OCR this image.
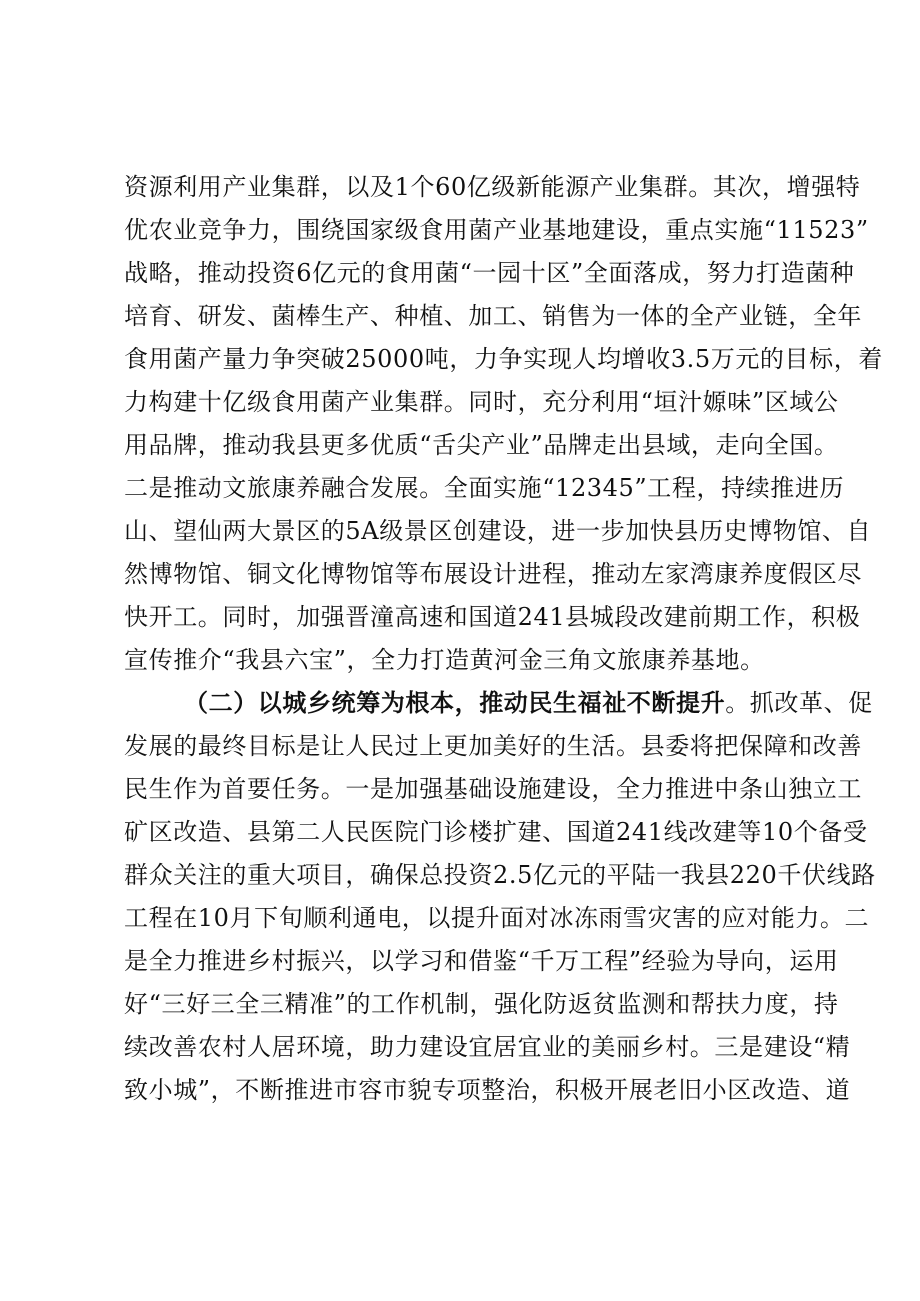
资源利用产业集群，以及1个60亿级新能源产业集群。其次，增强特
优农业竞争力，围绕国家级食用菌产业基地建设，重点实施“11523”
战略，推动投资6亿元的食用菌“一园十区”全面落成，努力打造菌种
培育、研发、菌棒生产、种植、加工、销售为一体的全产业链，全年
食用菌产量力争突破25000吨，力争实现人均增收3.5万元的目标，着
力构建十亿级食用菌产业集群。同时，充分利用“垣汁嫄味”区域公
用品牌，推动我县更多优质“舌尖产业”品牌走出县域，走向全国。
二是推动文旅康养融合发展。全面实施“12345”工程，持续推进历
山、望仙两大景区的5A级景区创建设，进一步加快县历史博物馆、自
然博物馆、铜文化博物馆等布展设计进程，推动左家湾康养度假区尽
快开工。同时，加强晋潼高速和国道241县城段改建前期工作，积极
宣传推介“我县六宝”，全力打造黄河金三角文旅康养基地。
（二）以城乡统筹为根本，推动民生福祉不断提升。抓改革、促
发展的最终目标是让人民过上更加美好的生活。县委将把保障和改善
民生作为首要任务。一是加强基础设施建设，全力推进中条山独立工
矿区改造、县第二人民医院门诊楼扩建、国道241线改建等10个备受
群众关注的重大项目，确保总投资2.5亿元的平陆一我县220千伏线路
工程在10月下旬顺利通电，以提升面对冰冻雨雪灾害的应对能力。二
是全力推进乡村振兴，以学习和借鉴“千万工程”经验为导向，运用
好“三好三全三精准”的工作机制，强化防返贫监测和帮扶力度，持
续改善农村人居环境，助力建设宜居宜业的美丽乡村。三是建设“精
致小城”，不断推进市容市貌专项整治，积极开展老旧小区改造、道
